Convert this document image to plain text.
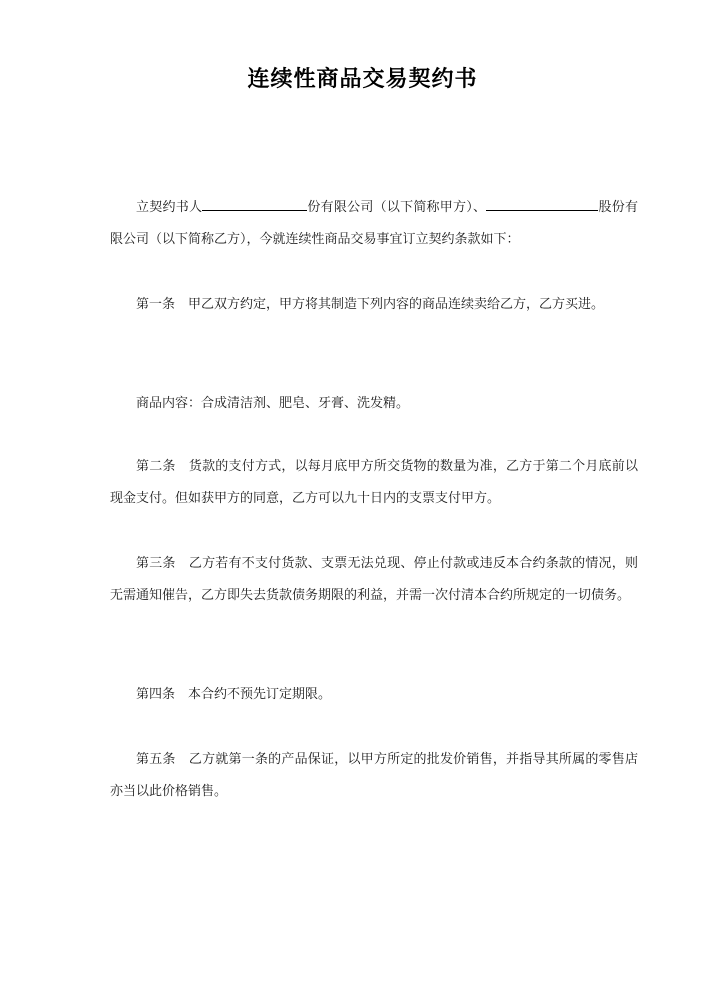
连续性商品交易契约书

立契约书人	份有限公司（以下简称甲方）、	股份有限公司（以下简称乙方），今就连续性商品交易事宜订立契约条款如下：

第一条　甲乙双方约定，甲方将其制造下列内容的商品连续卖给乙方，乙方买进。

商品内容：合成清洁剂、肥皂、牙膏、洗发精。

第二条　货款的支付方式，以每月底甲方所交货物的数量为准，乙方于第二个月底前以现金支付。但如获甲方的同意，乙方可以九十日内的支票支付甲方。

第三条　乙方若有不支付货款、支票无法兑现、停止付款或违反本合约条款的情况，则无需通知催告，乙方即失去货款债务期限的利益，并需一次付清本合约所规定的一切债务。

第四条　本合约不预先订定期限。

第五条　乙方就第一条的产品保证，以甲方所定的批发价销售，并指导其所属的零售店亦当以此价格销售。
